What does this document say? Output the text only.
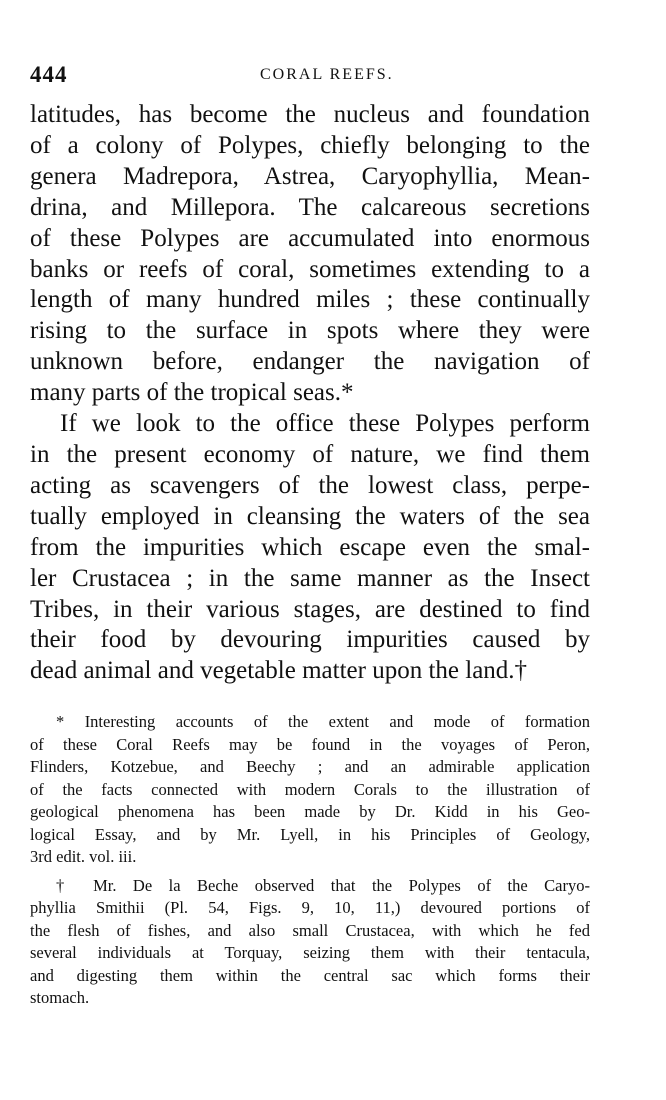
444	CORAL REEFS.
latitudes, has become the nucleus and foundation
of a colony of Polypes, chiefly belonging to the
genera Madrepora, Astrea, Caryophyllia, Mean-
drina, and Millepora. The calcareous secretions
of these Polypes are accumulated into enormous
banks or reefs of coral, sometimes extending to a
length of many hundred miles ; these continually
rising to the surface in spots where they were
unknown before, endanger the navigation of
many parts of the tropical seas.*
If we look to the office these Polypes perform
in the present economy of nature, we find them
acting as scavengers of the lowest class, perpe-
tually employed in cleansing the waters of the sea
from the impurities which escape even the smal-
ler Crustacea ; in the same manner as the Insect
Tribes, in their various stages, are destined to find
their food by devouring impurities caused by
dead animal and vegetable matter upon the land.†
* Interesting accounts of the extent and mode of formation
of these Coral Reefs may be found in the voyages of Peron,
Flinders, Kotzebue, and Beechy ; and an admirable application
of the facts connected with modern Corals to the illustration of
geological phenomena has been made by Dr. Kidd in his Geo-
logical Essay, and by Mr. Lyell, in his Principles of Geology,
3rd edit. vol. iii.
† Mr. De la Beche observed that the Polypes of the Caryo-
phyllia Smithii (Pl. 54, Figs. 9, 10, 11,) devoured portions of
the flesh of fishes, and also small Crustacea, with which he fed
several individuals at Torquay, seizing them with their tentacula,
and digesting them within the central sac which forms their
stomach.
